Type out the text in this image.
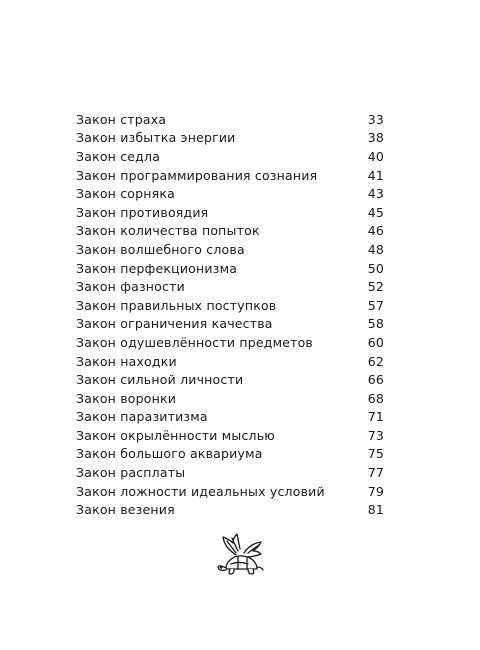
Закон страха	33
Закон избытка энергии	38
Закон седла	40
Закон программирования сознания	41
Закон сорняка	43
Закон противоядия	45
Закон количества попыток	46
Закон волшебного слова	48
Закон перфекционизма	50
Закон фазности	52
Закон правильных поступков	57
Закон ограничения качества	58
Закон одушевлённости предметов	60
Закон находки	62
Закон сильной личности	66
Закон воронки	68
Закон паразитизма	71
Закон окрылённости мыслью	73
Закон большого аквариума	75
Закон расплаты	77
Закон ложности идеальных условий	79
Закон везения	81
